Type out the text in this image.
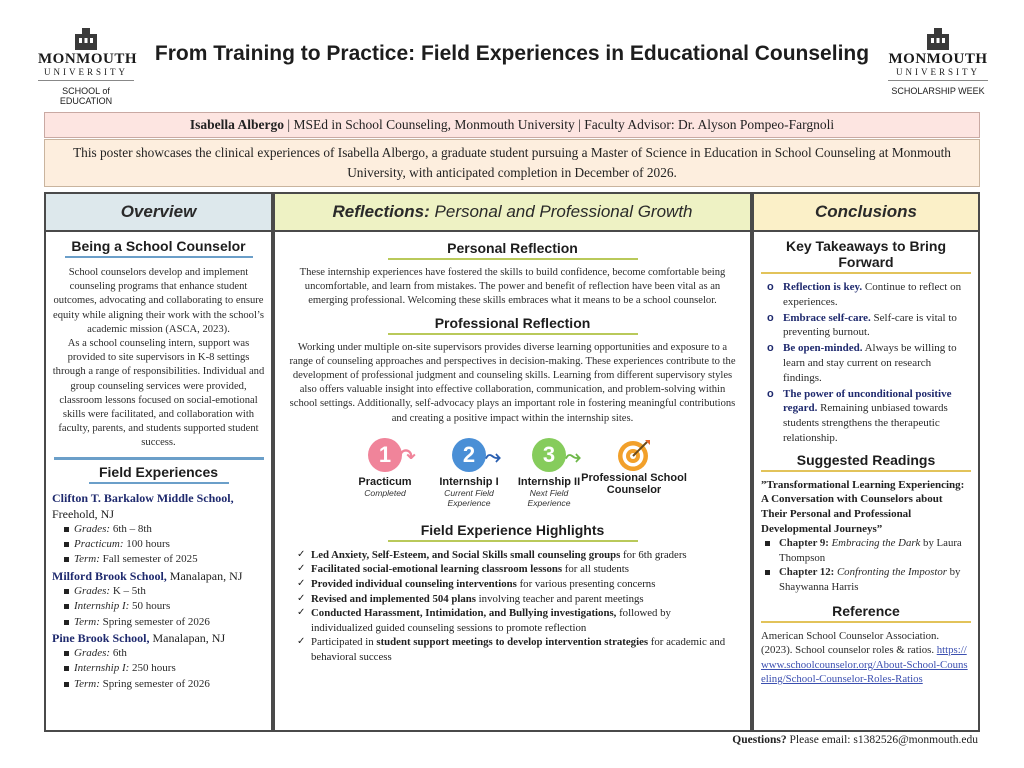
MONMOUTH
UNIVERSITY
SCHOOL of
EDUCATION
From Training to Practice: Field Experiences in Educational Counseling	MONMOUTH
UNIVERSITY
SCHOLARSHIP WEEK
Isabella Albergo | MSEd in School Counseling, Monmouth University | Faculty Advisor: Dr. Alyson Pompeo-Fargnoli
This poster showcases the clinical experiences of Isabella Albergo, a graduate student pursuing a Master of Science in Education in School Counseling at Monmouth University, with anticipated completion in December of 2026.
Overview
Being a School Counselor

School counselors develop and implement counseling programs that enhance student outcomes, advocating and collaborating to ensure equity while aligning their work with the school’s academic mission (ASCA, 2023).

As a school counseling intern, support was provided to site supervisors in K-8 settings through a range of responsibilities. Individual and group counseling services were provided, classroom lessons focused on social-emotional skills were facilitated, and collaboration with faculty, parents, and students supported student success.

Field Experiences
Clifton T. Barkalow Middle School,
Freehold, NJ
Grades: 6th – 8th
Practicum: 100 hours
Term: Fall semester of 2025
Milford Brook School, Manalapan, NJ
Grades: K – 5th
Internship I: 50 hours
Term: Spring semester of 2026
Pine Brook School, Manalapan, NJ
Grades: 6th
Internship I: 250 hours
Term: Spring semester of 2026
Reflections: Personal and Professional Growth
Personal Reflection

These internship experiences have fostered the skills to build confidence, become comfortable being uncomfortable, and learn from mistakes. The power and benefit of reflection have been vital as an emerging professional. Welcoming these skills embraces what it means to be a school counselor.

Professional Reflection

Working under multiple on-site supervisors provides diverse learning opportunities and exposure to a range of counseling approaches and perspectives in decision-making. These experiences contribute to the development of professional judgment and counseling skills. Learning from different supervisory styles also offers valuable insight into effective collaboration, communication, and problem-solving within school settings. Additionally, self-advocacy plays an important role in fostering meaningful contributions and creating a positive impact within the internship sites.

1
Practicum
Completed
↷	2
Internship I
Current Field Experience
⤳	3
Internship II
Next Field Experience
⤳
Professional School Counselor
Field Experience Highlights
✓ Led Anxiety, Self-Esteem, and Social Skills small counseling groups for 6th graders
✓ Facilitated social-emotional learning classroom lessons for all students
✓ Provided individual counseling interventions for various presenting concerns
✓ Revised and implemented 504 plans involving teacher and parent meetings
✓ Conducted Harassment, Intimidation, and Bullying investigations, followed by individualized guided counseling sessions to promote reflection
✓ Participated in student support meetings to develop intervention strategies for academic and behavioral success
Conclusions
Key Takeaways to Bring Forward
o Reflection is key. Continue to reflect on experiences.
o Embrace self-care. Self-care is vital to preventing burnout.
o Be open-minded. Always be willing to learn and stay current on research findings.
o The power of unconditional positive regard. Remaining unbiased towards students strengthens the therapeutic relationship.
Suggested Readings
”Transformational Learning Experiencing: A Conversation with Counselors about Their Personal and Professional Developmental Journeys”
Chapter 9: Embracing the Dark by Laura Thompson
Chapter 12: Confronting the Impostor by Shaywanna Harris
Reference

American School Counselor Association. (2023). School counselor roles & ratios. https://www.schoolcounselor.org/About-School-Counseling/School-Counselor-Roles-Ratios

Questions? Please email: s1382526@monmouth.edu
